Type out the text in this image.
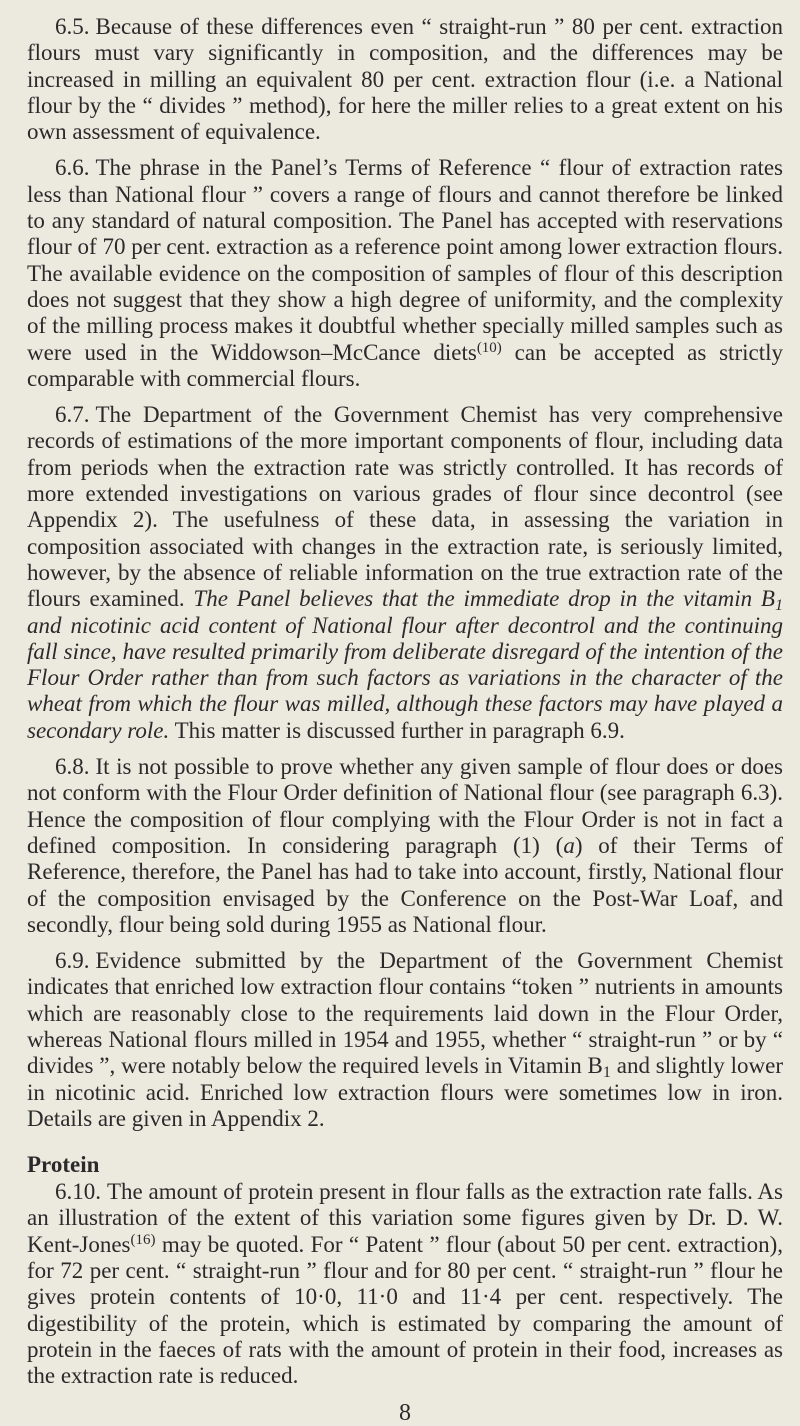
6.5. Because of these differences even “ straight-run ” 80 per cent. extraction flours must vary significantly in composition, and the differences may be increased in milling an equivalent 80 per cent. extraction flour (i.e. a National flour by the “ divides ” method), for here the miller relies to a great extent on his own assessment of equivalence.

6.6. The phrase in the Panel’s Terms of Reference “ flour of extraction rates less than National flour ” covers a range of flours and cannot therefore be linked to any standard of natural composition. The Panel has accepted with reservations flour of 70 per cent. extraction as a reference point among lower extraction flours. The available evidence on the composition of samples of flour of this description does not suggest that they show a high degree of uniformity, and the complexity of the milling process makes it doubtful whether specially milled samples such as were used in the Widdowson–McCance diets$^{(10)}$ can be accepted as strictly comparable with commercial flours.

6.7. The Department of the Government Chemist has very comprehensive records of estimations of the more important components of flour, including data from periods when the extraction rate was strictly controlled. It has records of more extended investigations on various grades of flour since decontrol (see Appendix 2). The usefulness of these data, in assessing the variation in composition associated with changes in the extraction rate, is seriously limited, however, by the absence of reliable information on the true extraction rate of the flours examined. The Panel believes that the immediate drop in the vitamin $B_1$ and nicotinic acid content of National flour after decontrol and the continuing fall since, have resulted primarily from deliberate disregard of the intention of the Flour Order rather than from such factors as variations in the character of the wheat from which the flour was milled, although these factors may have played a secondary role. This matter is discussed further in paragraph 6.9.

6.8. It is not possible to prove whether any given sample of flour does or does not conform with the Flour Order definition of National flour (see paragraph 6.3). Hence the composition of flour complying with the Flour Order is not in fact a defined composition. In considering paragraph (1) (a) of their Terms of Reference, therefore, the Panel has had to take into account, firstly, National flour of the composition envisaged by the Conference on the Post-War Loaf, and secondly, flour being sold during 1955 as National flour.

6.9. Evidence submitted by the Department of the Government Chemist indicates that enriched low extraction flour contains “token ” nutrients in amounts which are reasonably close to the requirements laid down in the Flour Order, whereas National flours milled in 1954 and 1955, whether “ straight-run ” or by “ divides ”, were notably below the required levels in Vitamin $B_1$ and slightly lower in nicotinic acid. Enriched low extraction flours were sometimes low in iron. Details are given in Appendix 2.

Protein

6.10. The amount of protein present in flour falls as the extraction rate falls. As an illustration of the extent of this variation some figures given by Dr. D. W. Kent-Jones$^{(16)}$ may be quoted. For “ Patent ” flour (about 50 per cent. extraction), for 72 per cent. “ straight-run ” flour and for 80 per cent. “ straight-run ” flour he gives protein contents of 10·0, 11·0 and 11·4 per cent. respectively. The digestibility of the protein, which is estimated by comparing the amount of protein in the faeces of rats with the amount of protein in their food, increases as the extraction rate is reduced.

8
